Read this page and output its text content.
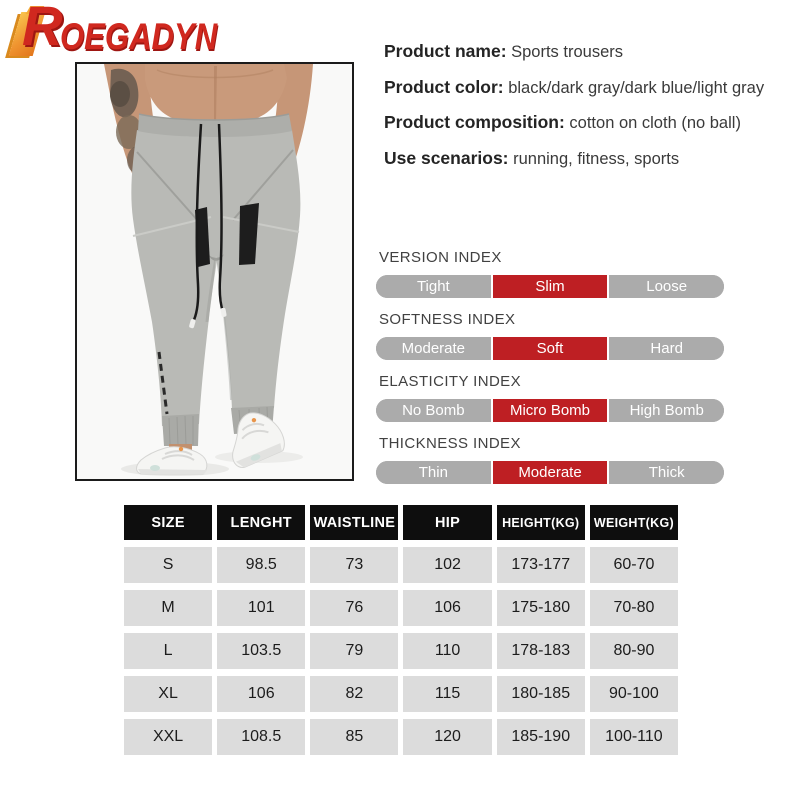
R
OEGADYN	Product name: Sports trousers

Product color: black/dark gray/dark blue/light gray

Product composition: cotton on cloth (no ball)

Use scenarios: running, fitness, sports

VERSION INDEX

Tight	Slim	Loose

SOFTNESS INDEX

Moderate	Soft	Hard

ELASTICITY INDEX

No Bomb	Micro Bomb	High Bomb

THICKNESS INDEX

Thin	Moderate	Thick
SIZE	LENGHT	WAISTLINE	HIP	HEIGHT(KG)	WEIGHT(KG)
S	98.5	73	102	173-177	60-70
M	101	76	106	175-180	70-80
L	103.5	79	110	178-183	80-90
XL	106	82	115	180-185	90-100
XXL	108.5	85	120	185-190	100-110
